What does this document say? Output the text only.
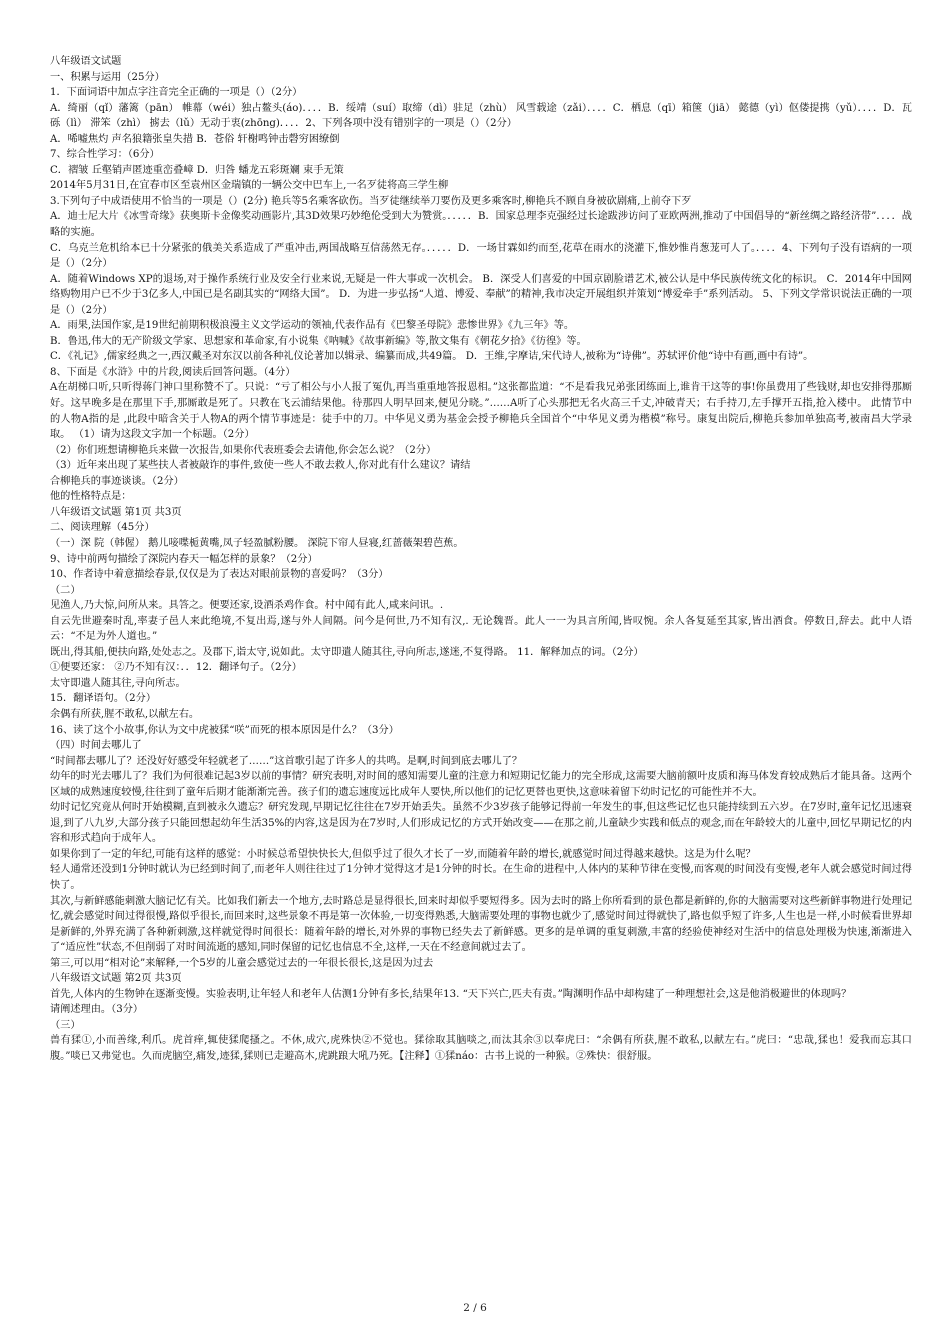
八年级语文试题

一、积累与运用（25分）

1．下面词语中加点字注音完全正确的一项是（）（2分）

A．绮丽（qǐ）藩篱（pān） 帷幕（wéi）独占鳌头(áo)．．．．B．绥靖（suí）取缔（dì）驻足（zhù） 风雪载途（zǎi）．．．．C．栖息（qī）箱箧（jiā） 懿德（yì）伛偻提携（yǔ）．．．．D．瓦砾（lì） 滞笨（zhì） 掳去（lǔ）无动于衷(zhōng)．．．．2、下列各项中没有错别字的一项是（）（2分）

A．唏嘘焦灼 声名狼籍张皇失措 B．苍俗 轩榭鸣钟击磬穷困缭倒

7、综合性学习：（6分）

C．褶皱 丘壑销声匿迹重峦叠嶂 D．归咎 蟠龙五彩斑斓 束手无策

2014年5月31日,在宜春市区至袁州区金瑞镇的一辆公交中巴车上,一名歹徒将高三学生柳

3.下列句子中成语使用不恰当的一项是（）(2分) 艳兵等5名乘客砍伤。当歹徒继续举刀要伤及更多乘客时,柳艳兵不顾自身被砍剧痛,上前夺下歹

A．迪士尼大片《冰雪奇缘》获奥斯卡金像奖动画影片,其3D效果巧妙绝伦受到大为赞赏。．．．．．B．国家总理李克强经过长途跋涉访问了亚欧两洲,推动了中国倡导的“新丝绸之路经济带”．．．．战略的实施。

C．乌克兰危机给本已十分紧张的俄美关系造成了严重冲击,两国战略互信荡然无存。．．．．．D．一场甘霖如约而至,花草在雨水的浇灌下,惟妙惟肖葱茏可人了。．．．．4、下列句子没有语病的一项是（）（2分）

A．随着Windows XP的退场,对于操作系统行业及安全行业来说,无疑是一件大事或一次机会。 B．深受人们喜爱的中国京剧脸谱艺术,被公认是中华民族传统文化的标识。 C．2014年中国网络购物用户已不少于3亿多人,中国已是名副其实的“网络大国”。 D．为进一步弘扬“人道、博爱、奉献”的精神,我市决定开展组织并策划“博爱牵手”系列活动。 5、下列文学常识说法正确的一项是（）（2分）

A．雨果,法国作家,是19世纪前期积极浪漫主义文学运动的领袖,代表作品有《巴黎圣母院》悲惨世界》《九三年》等。

B．鲁迅,伟大的无产阶级文学家、思想家和革命家,有小说集《呐喊》《故事新编》等,散文集有《朝花夕拾》《彷徨》等。

C．《礼记》,儒家经典之一,西汉戴圣对东汉以前各种礼仪论著加以辑录、编纂而成,共49篇。 D．王维,字摩诘,宋代诗人,被称为“诗佛”。苏轼评价他“诗中有画,画中有诗”。

8、下面是《水浒》中的片段,阅读后回答问题。（4分）

A在胡梯口听,只听得蒋门神口里称赞不了。只说：“亏了相公与小人报了冤仇,再当重重地答报恩相。”这张都监道：“不是看我兄弟张团练面上,谁肯干这等的事!你虽费用了些钱财,却也安排得那厮好。这早晚多是在那里下手,那厮敢是死了。只教在飞云浦结果他。待那四人明早回来,便见分晓。”……A听了心头那把无名火高三千丈,冲破青天；右手持刀,左手撑开五指,抢入楼中。 此情节中的人物A指的是 ,此段中暗含关于人物A的两个情节事迹是：徒手中的刀。中华见义勇为基金会授予柳艳兵全国首个“中华见义勇为楷模”称号。康复出院后,柳艳兵参加单独高考,被南昌大学录取。 （1）请为这段文字加一个标题。（2分）

（2）你们班想请柳艳兵来做一次报告,如果你代表班委会去请他,你会怎么说？（2分）

（3）近年来出现了某些扶人者被敲诈的事件,致使一些人不敢去救人,你对此有什么建议？请结

合柳艳兵的事迹谈谈。（2分）

他的性格特点是：

八年级语文试题 第1页 共3页

二、阅读理解（45分）

（一）深 院（韩偓） 鹅儿唼喋栀黄嘴,凤子轻盈腻粉腰。 深院下帘人昼寝,红蔷薇架碧芭蕉。

9、诗中前两句描绘了深院内春天一幅怎样的景象？（2分）

10、作者诗中着意描绘春景,仅仅是为了表达对眼前景物的喜爱吗？（3分）

（二）

见渔人,乃大惊,问所从来。具答之。便要还家,设酒杀鸡作食。村中闻有此人,咸来问讯。.

自云先世避秦时乱,率妻子邑人来此绝境,不复出焉,遂与外人间隔。问今是何世,乃不知有汉,. 无论魏晋。此人一一为具言所闻,皆叹惋。余人各复延至其家,皆出酒食。停数日,辞去。此中人语云：“不足为外人道也。”

既出,得其船,便扶向路,处处志之。及郡下,诣太守,说如此。太守即遣人随其往,寻向所志,遂迷,不复得路。 11．解释加点的词。（2分）

①便要还家： ②乃不知有汉：．．12．翻译句子。（2分）

太守即遣人随其往,寻向所志。

15．翻译语句。（2分）

余偶有所获,腥不敢私,以献左右。

16、读了这个小故事,你认为文中虎被猱“咲”而死的根本原因是什么？（3分）

（四）时间去哪儿了

“时间都去哪儿了？还没好好感受年轻就老了……”这首歌引起了许多人的共鸣。是啊,时间到底去哪儿了？

幼年的时光去哪儿了？我们为何很难记起3岁以前的事情？研究表明,对时间的感知需要儿童的注意力和短期记忆能力的完全形成,这需要大脑前额叶皮质和海马体发育较成熟后才能具备。这两个区域的成熟速度较慢,往往到了童年后期才能渐渐完善。孩子们的遗忘速度远比成年人要快,所以他们的记忆更替也更快,这意味着留下幼时记忆的可能性并不大。

幼时记忆究竟从何时开始模糊,直到被永久遗忘？研究发现,早期记忆往往在7岁开始丢失。虽然不少3岁孩子能够记得前一年发生的事,但这些记忆也只能持续到五六岁。在7岁时,童年记忆迅速衰退,到了八九岁,大部分孩子只能回想起幼年生活35%的内容,这是因为在7岁时,人们形成记忆的方式开始改变——在那之前,儿童缺少实践和低点的观念,而在年龄较大的儿童中,回忆早期记忆的内容和形式趋向于成年人。

如果你到了一定的年纪,可能有这样的感觉：小时候总希望快快长大,但似乎过了很久才长了一岁,而随着年龄的增长,就感觉时间过得越来越快。这是为什么呢？

轻人通常还没到1分钟时就认为已经到时间了,而老年人则往往过了1分钟才觉得这才是1分钟的时长。在生命的进程中,人体内的某种节律在变慢,而客观的时间没有变慢,老年人就会感觉时间过得快了。

其次,与新鲜感能刺激大脑记忆有关。比如我们新去一个地方,去时路总是显得很长,回来时却似乎要短得多。因为去时的路上你所看到的景色都是新鲜的,你的大脑需要对这些新鲜事物进行处理记忆,就会感觉时间过得很慢,路似乎很长,而回来时,这些景象不再是第一次体验,一切变得熟悉,大脑需要处理的事物也就少了,感觉时间过得就快了,路也似乎短了许多,人生也是一样,小时候看世界却是新鲜的,外界充满了各种新刺激,这样就觉得时间很长：随着年龄的增长,对外界的事物已经失去了新鲜感。更多的是单调的重复刺激,丰富的经验使神经对生活中的信息处理极为快速,渐渐进入了“适应性”状态,不但削弱了对时间流逝的感知,同时保留的记忆也信息不全,这样,一天在不经意间就过去了。

第三,可以用“相对论”来解释,一个5岁的儿童会感觉过去的一年很长很长,这是因为过去

八年级语文试题 第2页 共3页

首先,人体内的生物钟在逐渐变慢。实验表明,让年轻人和老年人估测1分钟有多长,结果年13. “天下兴亡,匹夫有责。”陶渊明作品中却构建了一种理想社会,这是他消极避世的体现吗？

请阐述理由。（3分）

（三）

兽有猱①,小而善缘,利爪。虎首痒,辄使猱爬搔之。不休,成穴,虎殊快②不觉也。猱徐取其脑啖之,而汰其余③以奉虎曰：“余偶有所获,腥不敢私,以献左右。”虎曰：“忠哉,猱也！爱我而忘其口腹。”啖已又弗觉也。久而虎脑空,痛发,迹猱,猱则已走避高木,虎跳踉大吼乃死。【注释】①猱náo：古书上说的一种猴。②殊快：很舒服。

2 / 6
